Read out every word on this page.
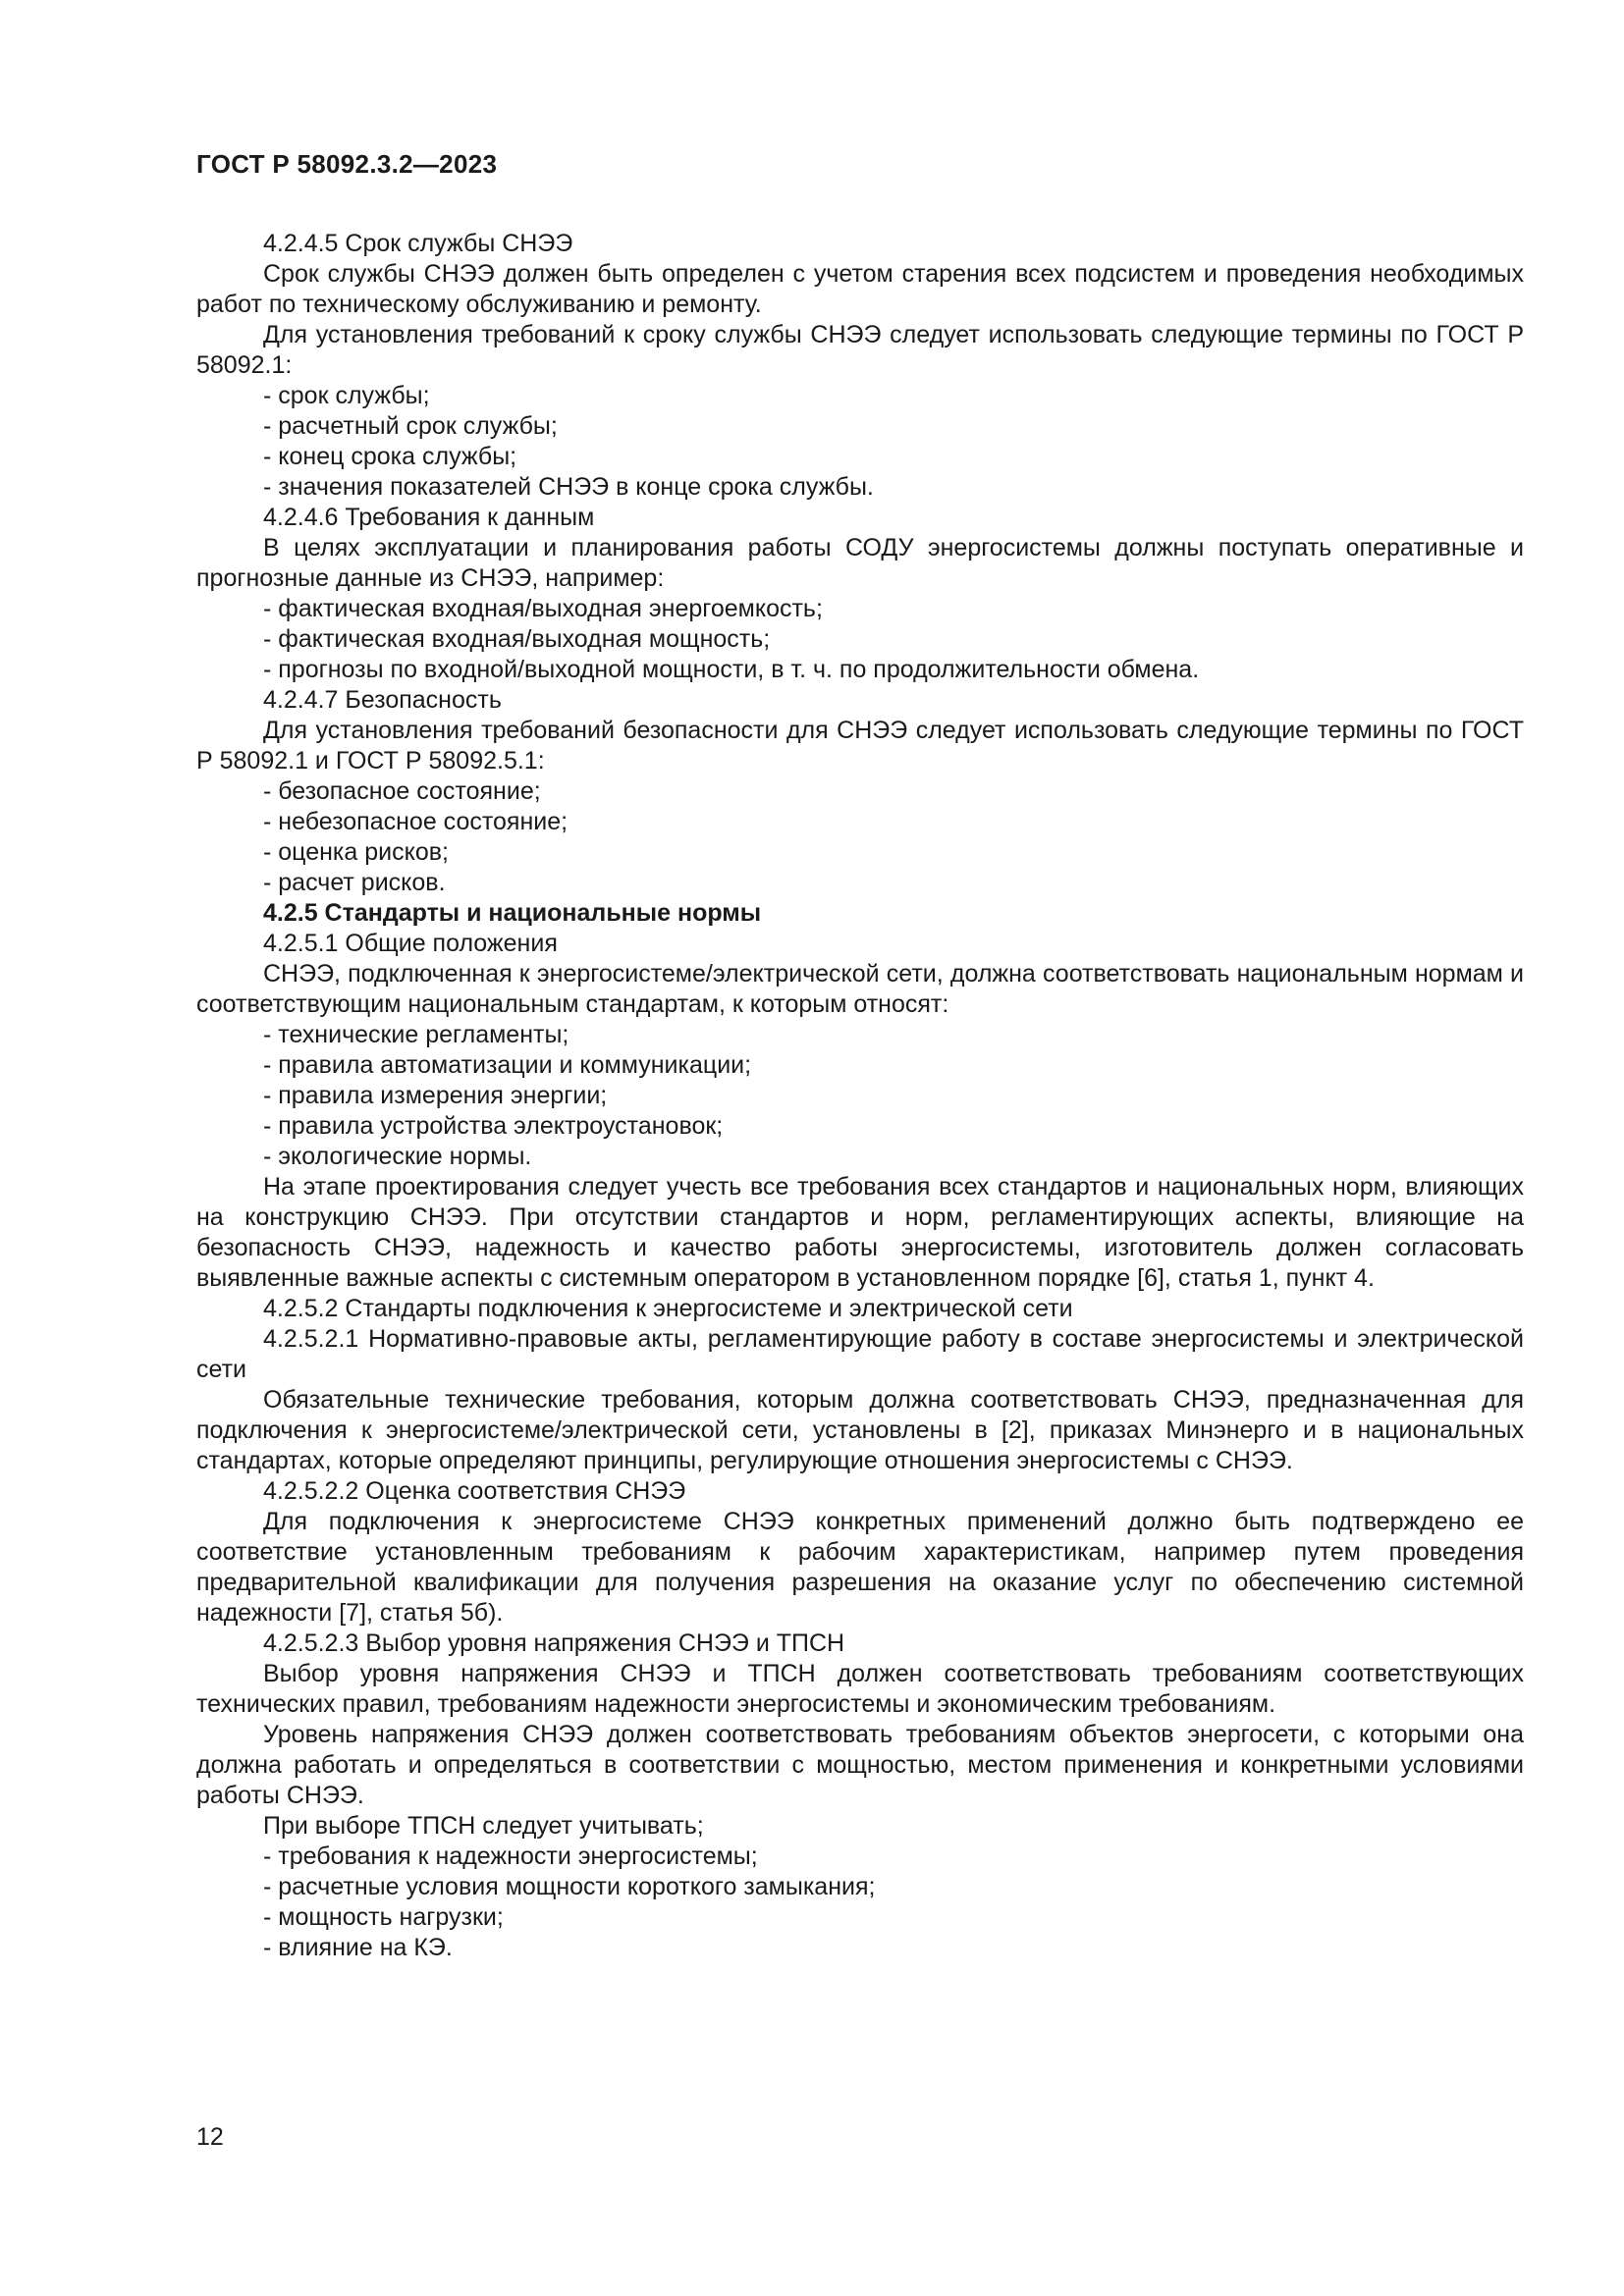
ГОСТ Р 58092.3.2—2023
4.2.4.5 Срок службы СНЭЭ
Срок службы СНЭЭ должен быть определен с учетом старения всех подсистем и проведения необходимых работ по техническому обслуживанию и ремонту.
Для установления требований к сроку службы СНЭЭ следует использовать следующие термины по ГОСТ Р 58092.1:
- срок службы;
- расчетный срок службы;
- конец срока службы;
- значения показателей СНЭЭ в конце срока службы.
4.2.4.6 Требования к данным
В целях эксплуатации и планирования работы СОДУ энергосистемы должны поступать оперативные и прогнозные данные из СНЭЭ, например:
- фактическая входная/выходная энергоемкость;
- фактическая входная/выходная мощность;
- прогнозы по входной/выходной мощности, в т. ч. по продолжительности обмена.
4.2.4.7 Безопасность
Для установления требований безопасности для СНЭЭ следует использовать следующие термины по ГОСТ Р 58092.1 и ГОСТ Р 58092.5.1:
- безопасное состояние;
- небезопасное состояние;
- оценка рисков;
- расчет рисков.
4.2.5 Стандарты и национальные нормы
4.2.5.1 Общие положения
СНЭЭ, подключенная к энергосистеме/электрической сети, должна соответствовать национальным нормам и соответствующим национальным стандартам, к которым относят:
- технические регламенты;
- правила автоматизации и коммуникации;
- правила измерения энергии;
- правила устройства электроустановок;
- экологические нормы.
На этапе проектирования следует учесть все требования всех стандартов и национальных норм, влияющих на конструкцию СНЭЭ. При отсутствии стандартов и норм, регламентирующих аспекты, влияющие на безопасность СНЭЭ, надежность и качество работы энергосистемы, изготовитель должен согласовать выявленные важные аспекты с системным оператором в установленном порядке [6], статья 1, пункт 4.
4.2.5.2 Стандарты подключения к энергосистеме и электрической сети
4.2.5.2.1 Нормативно-правовые акты, регламентирующие работу в составе энергосистемы и электрической сети
Обязательные технические требования, которым должна соответствовать СНЭЭ, предназначенная для подключения к энергосистеме/электрической сети, установлены в [2], приказах Минэнерго и в национальных стандартах, которые определяют принципы, регулирующие отношения энергосистемы с СНЭЭ.
4.2.5.2.2 Оценка соответствия СНЭЭ
Для подключения к энергосистеме СНЭЭ конкретных применений должно быть подтверждено ее соответствие установленным требованиям к рабочим характеристикам, например путем проведения предварительной квалификации для получения разрешения на оказание услуг по обеспечению системной надежности [7], статья 5б).
4.2.5.2.3 Выбор уровня напряжения СНЭЭ и ТПСН
Выбор уровня напряжения СНЭЭ и ТПСН должен соответствовать требованиям соответствующих технических правил, требованиям надежности энергосистемы и экономическим требованиям.
Уровень напряжения СНЭЭ должен соответствовать требованиям объектов энергосети, с которыми она должна работать и определяться в соответствии с мощностью, местом применения и конкретными условиями работы СНЭЭ.
При выборе ТПСН следует учитывать;
- требования к надежности энергосистемы;
- расчетные условия мощности короткого замыкания;
- мощность нагрузки;
- влияние на КЭ.
12
